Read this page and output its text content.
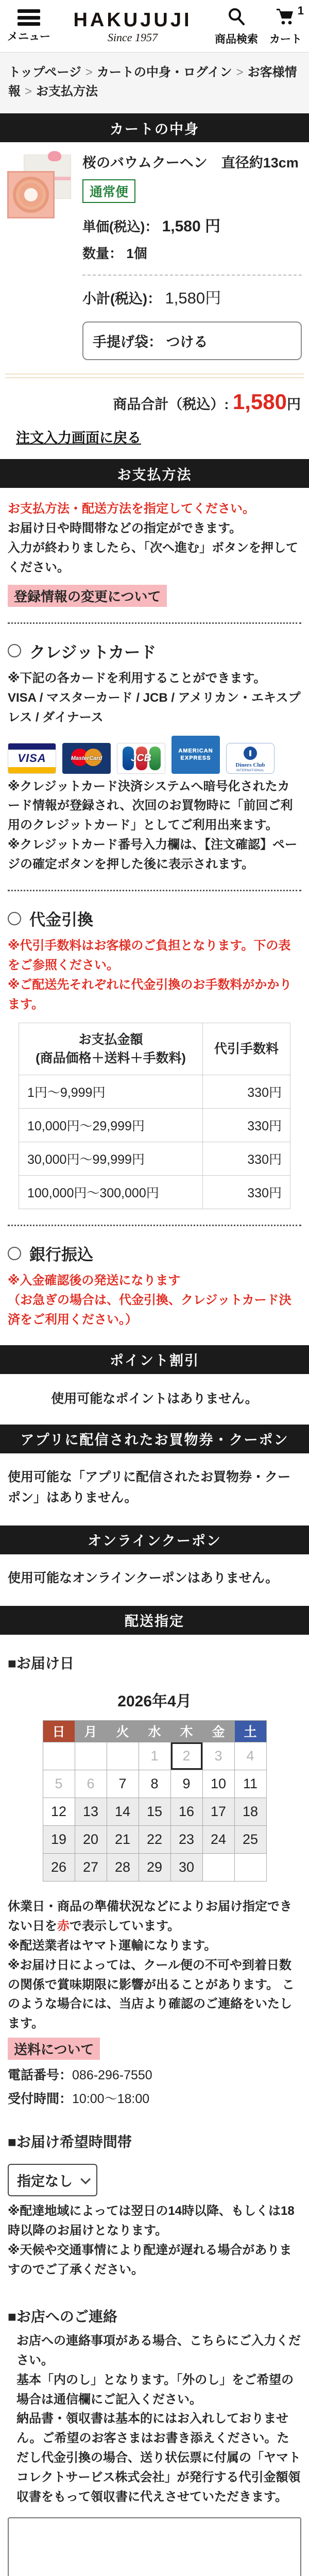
メニュー
HAKUJUJI
Since 1957	商品検索
1
カート
トップページ > カートの中身・ログイン > お客様情報 > お支払方法
カートの中身
桜のバウムクーヘン　直径約13cm
通常便
単価(税込)： 1,580 円
数量： 1個
小計(税込)： 1,580円
手提げ袋： つける
商品合計（税込）: 1,580円
注文入力画面に戻る
お支払方法
お支払方法・配送方法を指定してください。
お届け日や時間帯などの指定ができます。
入力が終わりましたら、「次へ進む」ボタンを押してください。
登録情報の変更について
クレジットカード
※下記の各カードを利用することができます。
VISA / マスターカード / JCB / アメリカン・エキスプレス / ダイナース
VISA	MasterCard	JCB
AMERICAN EXPRESS
Diners Club
INTERNATIONAL
※クレジットカード決済システムへ暗号化されたカード情報が登録され、次回のお買物時に「前回ご利用のクレジットカード」としてご利用出来ます。
※クレジットカード番号入力欄は、【注文確認】ページの確定ボタンを押した後に表示されます。
代金引換
※代引手数料はお客様のご負担となります。下の表をご参照ください。
※ご配送先それぞれに代金引換のお手数料がかかります。
お支払金額
(商品価格＋送料＋手数料)	代引手数料
1円～9,999円	330円
10,000円～29,999円	330円
30,000円～99,999円	330円
100,000円～300,000円	330円
銀行振込
※入金確認後の発送になります
（お急ぎの場合は、代金引換、クレジットカード決済をご利用ください。）
ポイント割引
使用可能なポイントはありません。
アプリに配信されたお買物券・クーポン
使用可能な「アプリに配信されたお買物券・クーポン」はありません。
オンラインクーポン
使用可能なオンラインクーポンはありません。
配送指定
■お届け日
2026年4月
日	月	火	水	木	金	土
			1	2	3	4
5	6	7	8	9	10	11
12	13	14	15	16	17	18
19	20	21	22	23	24	25
26	27	28	29	30		
休業日・商品の準備状況などによりお届け指定できない日を赤で表示しています。
※配送業者はヤマト運輸になります。
※お届け日によっては、クール便の不可や到着日数の関係で賞味期限に影響が出ることがあります。 このような場合には、当店より確認のご連絡をいたします。
送料について
電話番号：086-296-7550
受付時間：10:00～18:00
■お届け希望時間帯
指定なし
※配達地域によっては翌日の14時以降、もしくは18時以降のお届けとなります。
※天候や交通事情により配達が遅れる場合がありますのでご了承ください。
■お店へのご連絡
お店への連絡事項がある場合、こちらにご入力ください。
基本「内のし」となります。「外のし」をご希望の場合は通信欄にご記入ください。
納品書・領収書は基本的にはお入れしておりません。ご希望のお客さまはお書き添えください。ただし代金引換の場合、送り状伝票に付属の「ヤマトコレクトサービス株式会社」が発行する代引金額領収書をもって領収書に代えさせていただきます。
